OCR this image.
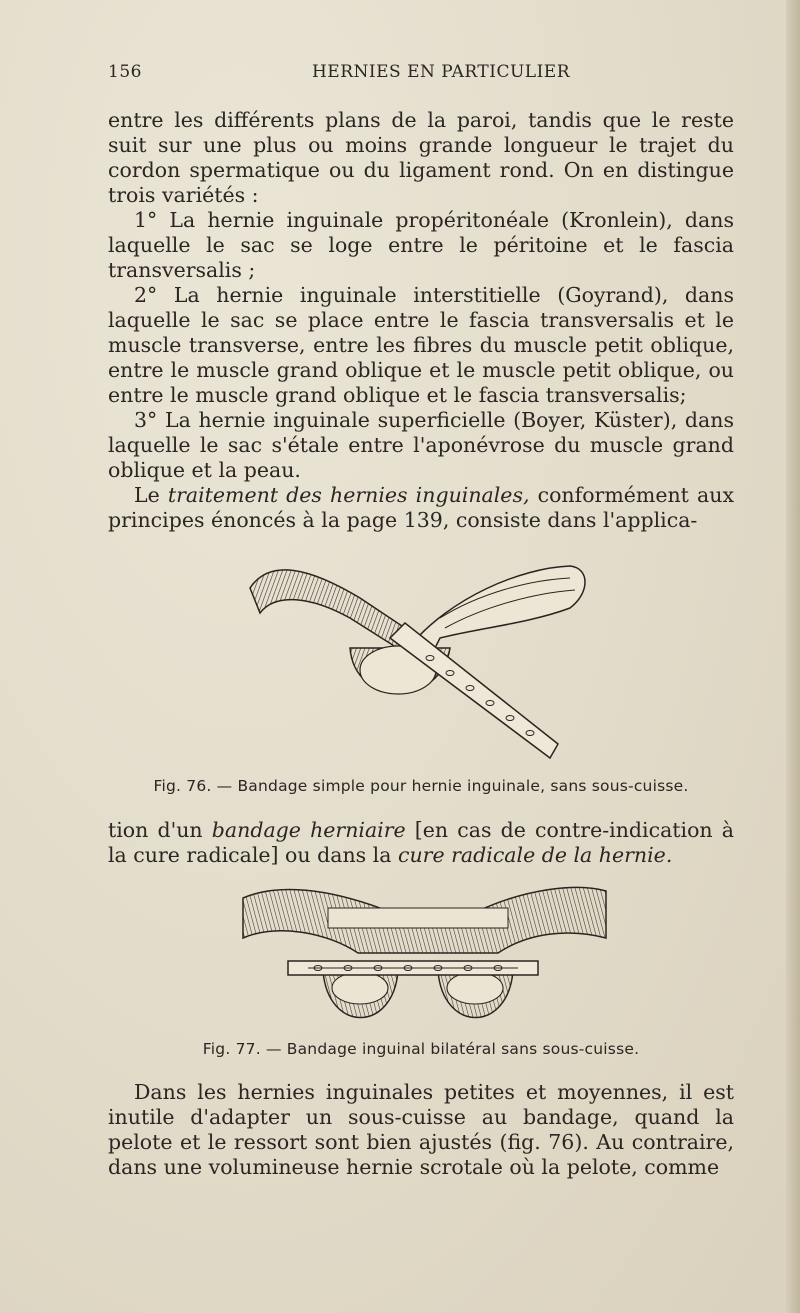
156	HERNIES EN PARTICULIER

entre les différents plans de la paroi, tandis que le reste suit sur une plus ou moins grande longueur le trajet du cordon spermatique ou du ligament rond. On en distingue trois variétés :

1° La hernie inguinale propéritonéale (Kronlein), dans laquelle le sac se loge entre le péritoine et le fascia transversalis ;

2° La hernie inguinale interstitielle (Goyrand), dans laquelle le sac se place entre le fascia transversalis et le muscle transverse, entre les fibres du muscle petit oblique, entre le muscle grand oblique et le muscle petit oblique, ou entre le muscle grand oblique et le fascia transversalis;

3° La hernie inguinale superficielle (Boyer, Küster), dans laquelle le sac s'étale entre l'aponévrose du muscle grand oblique et la peau.

Le traitement des hernies inguinales, conformément aux principes énoncés à la page 139, consiste dans l'applica-

Fig. 76. — Bandage simple pour hernie inguinale, sans sous-cuisse.

tion d'un bandage herniaire [en cas de contre-indication à la cure radicale] ou dans la cure radicale de la hernie.

Fig. 77. — Bandage inguinal bilatéral sans sous-cuisse.

Dans les hernies inguinales petites et moyennes, il est inutile d'adapter un sous-cuisse au bandage, quand la pelote et le ressort sont bien ajustés (fig. 76). Au contraire, dans une volumineuse hernie scrotale où la pelote, comme
